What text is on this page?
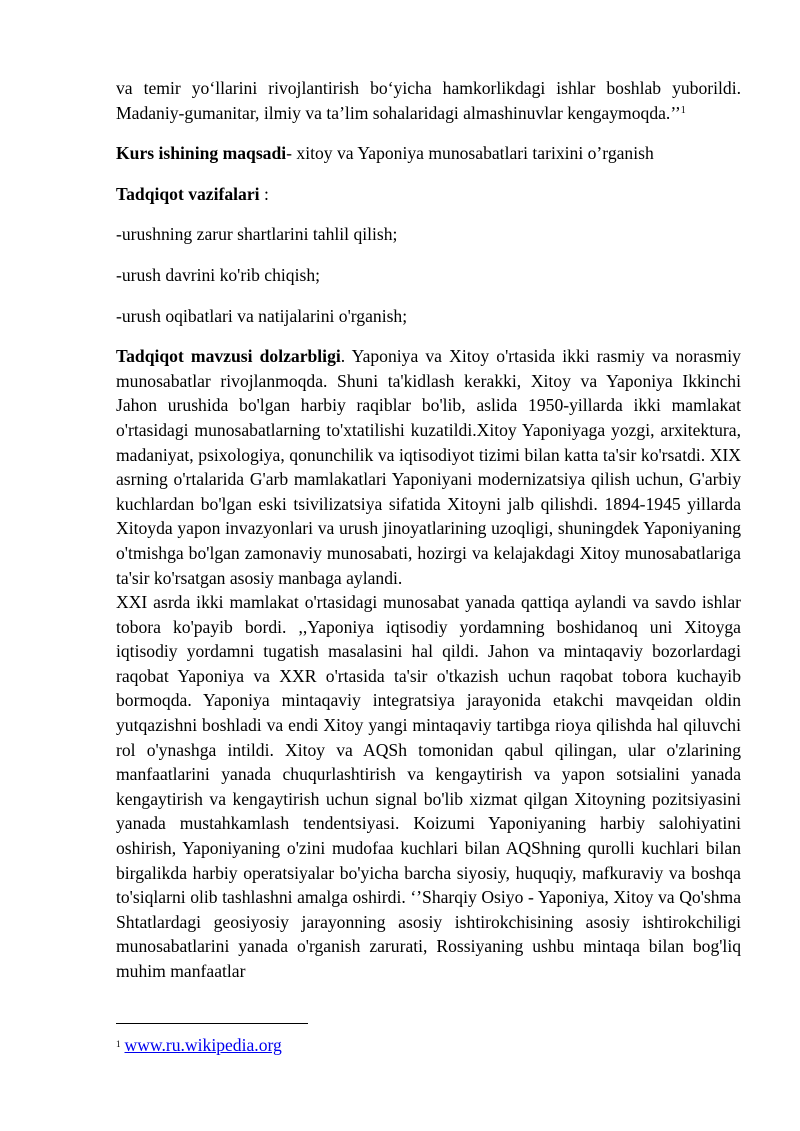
va temir yo‘llarini rivojlantirish bo‘yicha hamkorlikdagi ishlar boshlab yuborildi. Madaniy-gumanitar, ilmiy va ta’lim sohalaridagi almashinuvlar kengaymoqda.’’$^1$

Kurs ishining maqsadi- xitoy va Yaponiya munosabatlari tarixini o’rganish

Tadqiqot vazifalari :

-urushning zarur shartlarini tahlil qilish;

-urush davrini ko'rib chiqish;

-urush oqibatlari va natijalarini o'rganish;

Tadqiqot mavzusi dolzarbligi. Yaponiya va Xitoy o'rtasida ikki rasmiy va norasmiy munosabatlar rivojlanmoqda. Shuni ta'kidlash kerakki, Xitoy va Yaponiya Ikkinchi Jahon urushida bo'lgan harbiy raqiblar bo'lib, aslida 1950-yillarda ikki mamlakat o'rtasidagi munosabatlarning to'xtatilishi kuzatildi.Xitoy Yaponiyaga yozgi, arxitektura, madaniyat, psixologiya, qonunchilik va iqtisodiyot tizimi bilan katta ta'sir ko'rsatdi. XIX asrning o'rtalarida G'arb mamlakatlari Yaponiyani modernizatsiya qilish uchun, G'arbiy kuchlardan bo'lgan eski tsivilizatsiya sifatida Xitoyni jalb qilishdi. 1894-1945 yillarda Xitoyda yapon invazyonlari va urush jinoyatlarining uzoqligi, shuningdek Yaponiyaning o'tmishga bo'lgan zamonaviy munosabati, hozirgi va kelajakdagi Xitoy munosabatlariga ta'sir ko'rsatgan asosiy manbaga aylandi.

XXI asrda ikki mamlakat o'rtasidagi munosabat yanada qattiqa aylandi va savdo ishlar tobora ko'payib bordi. ,,Yaponiya iqtisodiy yordamning boshidanoq uni Xitoyga iqtisodiy yordamni tugatish masalasini hal qildi. Jahon va mintaqaviy bozorlardagi raqobat Yaponiya va XXR o'rtasida ta'sir o'tkazish uchun raqobat tobora kuchayib bormoqda. Yaponiya mintaqaviy integratsiya jarayonida etakchi mavqeidan oldin yutqazishni boshladi va endi Xitoy yangi mintaqaviy tartibga rioya qilishda hal qiluvchi rol o'ynashga intildi. Xitoy va AQSh tomonidan qabul qilingan, ular o'zlarining manfaatlarini yanada chuqurlashtirish va kengaytirish va yapon sotsialini yanada kengaytirish va kengaytirish uchun signal bo'lib xizmat qilgan Xitoyning pozitsiyasini yanada mustahkamlash tendentsiyasi. Koizumi Yaponiyaning harbiy salohiyatini oshirish, Yaponiyaning o'zini mudofaa kuchlari bilan AQShning qurolli kuchlari bilan birgalikda harbiy operatsiyalar bo'yicha barcha siyosiy, huquqiy, mafkuraviy va boshqa to'siqlarni olib tashlashni amalga oshirdi. ‘’Sharqiy Osiyo - Yaponiya, Xitoy va Qo'shma Shtatlardagi geosiyosiy jarayonning asosiy ishtirokchisining asosiy ishtirokchiligi munosabatlarini yanada o'rganish zarurati, Rossiyaning ushbu mintaqa bilan bog'liq muhim manfaatlar

$^1$ www.ru.wikipedia.org
